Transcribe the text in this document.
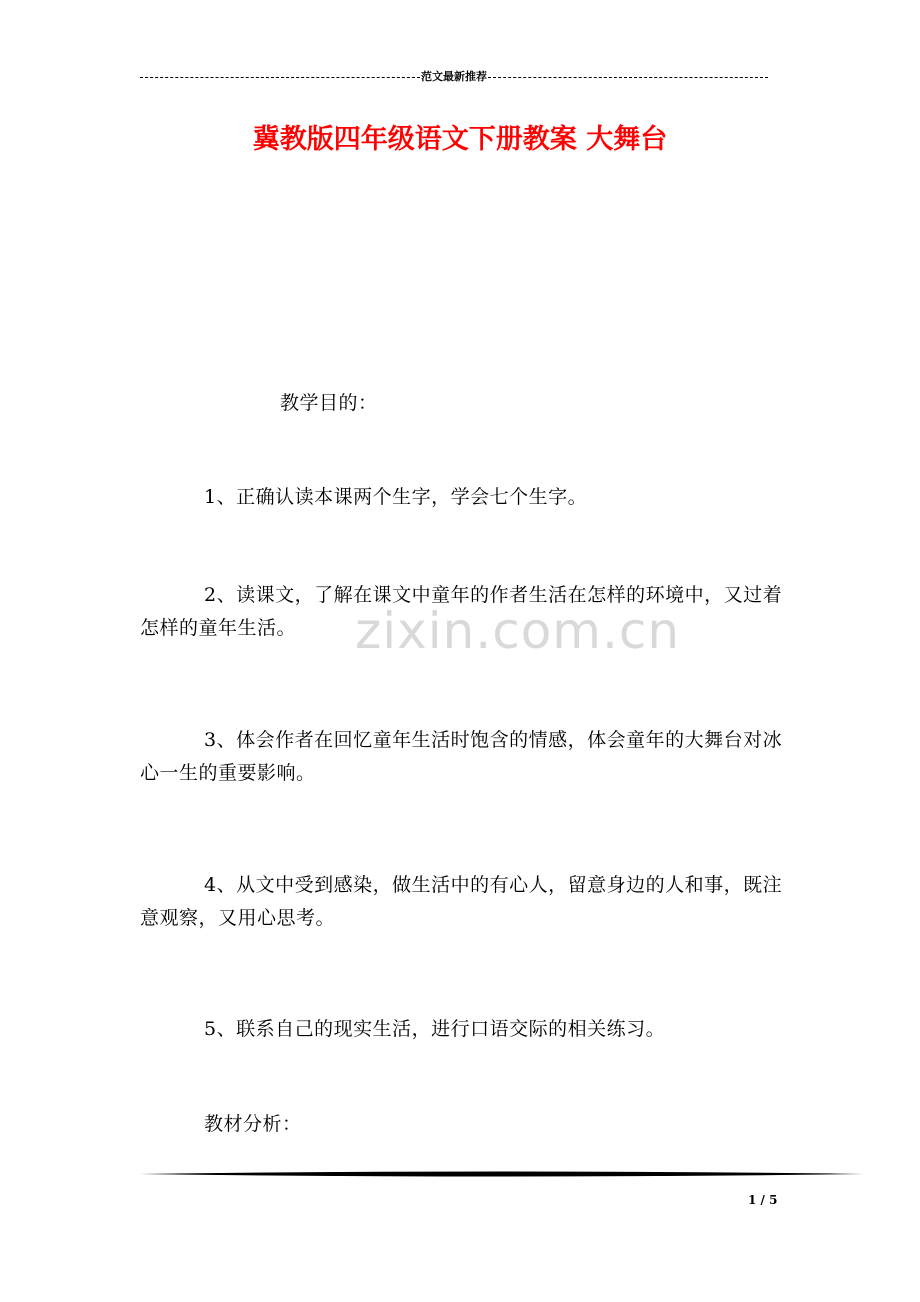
范文最新推荐
冀教版四年级语文下册教案 大舞台
教学目的：
1、正确认读本课两个生字，学会七个生字。
2、读课文，了解在课文中童年的作者生活在怎样的环境中，又过着怎样的童年生活。	zixin.com.cn
3、体会作者在回忆童年生活时饱含的情感，体会童年的大舞台对冰心一生的重要影响。
4、从文中受到感染，做生活中的有心人，留意身边的人和事，既注意观察，又用心思考。
5、联系自己的现实生活，进行口语交际的相关练习。
教材分析：
1 / 5
